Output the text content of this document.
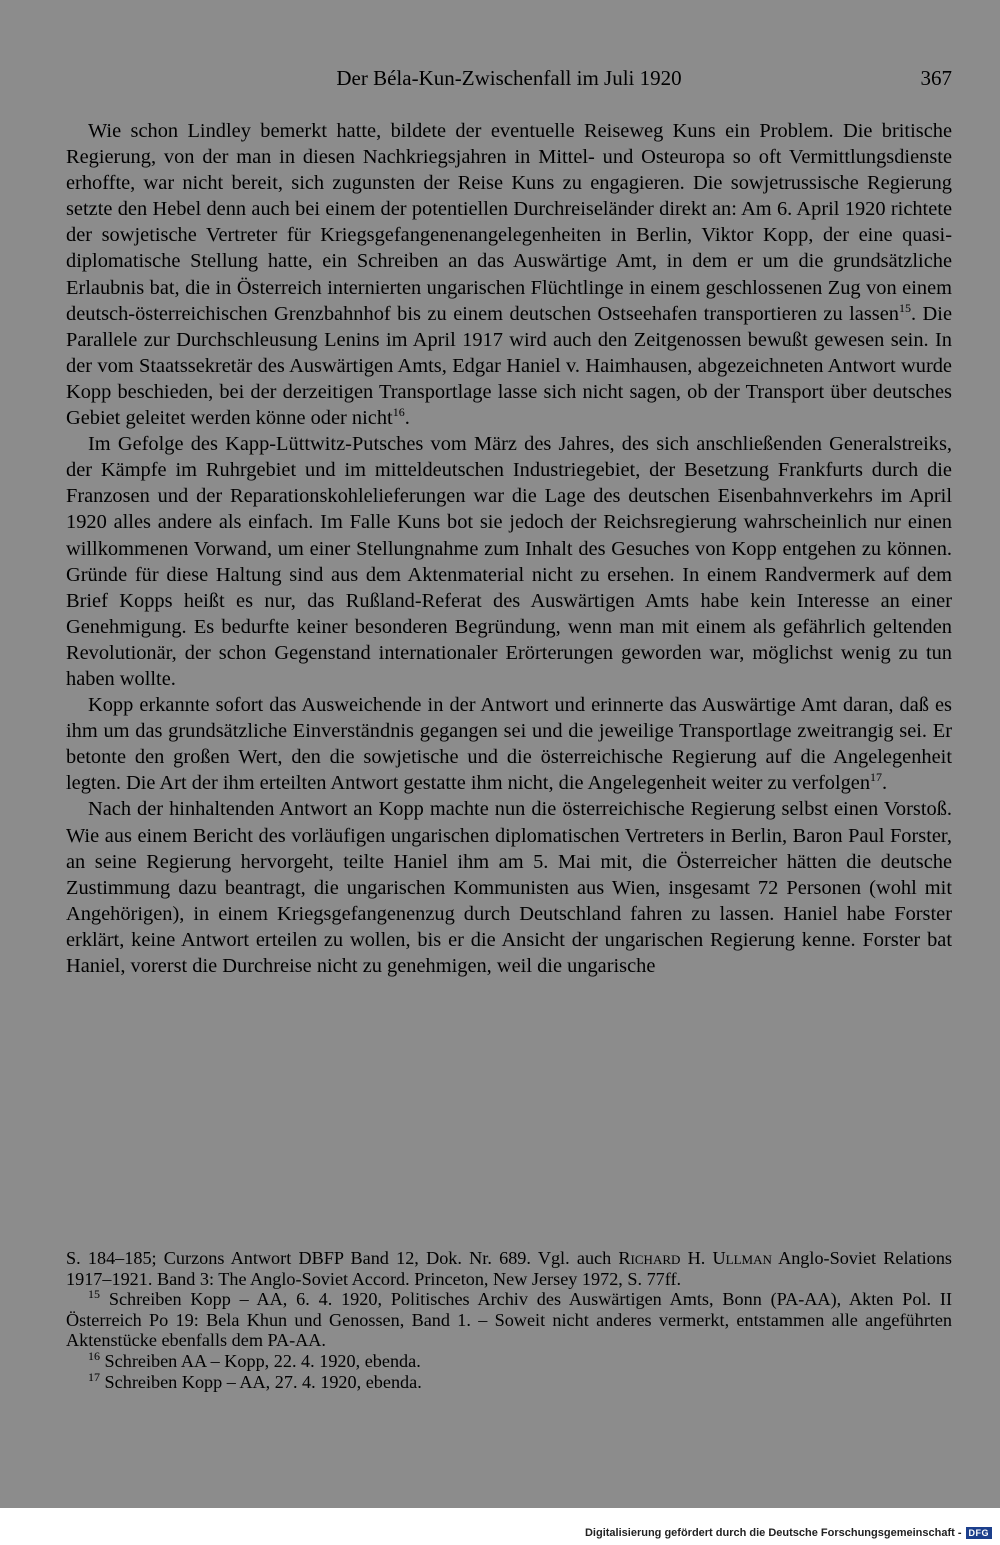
Der Béla-Kun-Zwischenfall im Juli 1920	367

Wie schon Lindley bemerkt hatte, bildete der eventuelle Reiseweg Kuns ein Problem. Die britische Regierung, von der man in diesen Nachkriegsjahren in Mittel- und Osteuropa so oft Vermittlungsdienste erhoffte, war nicht bereit, sich zugunsten der Reise Kuns zu engagieren. Die sowjetrussische Regierung setzte den Hebel denn auch bei einem der potentiellen Durchreiseländer direkt an: Am 6. April 1920 richtete der sowjetische Vertreter für Kriegsgefangenenangelegenheiten in Berlin, Viktor Kopp, der eine quasi-diplomatische Stellung hatte, ein Schreiben an das Auswärtige Amt, in dem er um die grundsätzliche Erlaubnis bat, die in Österreich internierten ungarischen Flüchtlinge in einem geschlossenen Zug von einem deutsch-österreichischen Grenzbahnhof bis zu einem deutschen Ostseehafen transportieren zu lassen$^{15}$. Die Parallele zur Durchschleusung Lenins im April 1917 wird auch den Zeitgenossen bewußt gewesen sein. In der vom Staatssekretär des Auswärtigen Amts, Edgar Haniel v. Haimhausen, abgezeichneten Antwort wurde Kopp beschieden, bei der derzeitigen Transportlage lasse sich nicht sagen, ob der Transport über deutsches Gebiet geleitet werden könne oder nicht$^{16}$.

Im Gefolge des Kapp-Lüttwitz-Putsches vom März des Jahres, des sich anschließenden Generalstreiks, der Kämpfe im Ruhrgebiet und im mitteldeutschen Industriegebiet, der Besetzung Frankfurts durch die Franzosen und der Reparationskohlelieferungen war die Lage des deutschen Eisenbahnverkehrs im April 1920 alles andere als einfach. Im Falle Kuns bot sie jedoch der Reichsregierung wahrscheinlich nur einen willkommenen Vorwand, um einer Stellungnahme zum Inhalt des Gesuches von Kopp entgehen zu können. Gründe für diese Haltung sind aus dem Aktenmaterial nicht zu ersehen. In einem Randvermerk auf dem Brief Kopps heißt es nur, das Rußland-Referat des Auswärtigen Amts habe kein Interesse an einer Genehmigung. Es bedurfte keiner besonderen Begründung, wenn man mit einem als gefährlich geltenden Revolutionär, der schon Gegenstand internationaler Erörterungen geworden war, möglichst wenig zu tun haben wollte.

Kopp erkannte sofort das Ausweichende in der Antwort und erinnerte das Auswärtige Amt daran, daß es ihm um das grundsätzliche Einverständnis gegangen sei und die jeweilige Transportlage zweitrangig sei. Er betonte den großen Wert, den die sowjetische und die österreichische Regierung auf die Angelegenheit legten. Die Art der ihm erteilten Antwort gestatte ihm nicht, die Angelegenheit weiter zu verfolgen$^{17}$.

Nach der hinhaltenden Antwort an Kopp machte nun die österreichische Regierung selbst einen Vorstoß. Wie aus einem Bericht des vorläufigen ungarischen diplomatischen Vertreters in Berlin, Baron Paul Forster, an seine Regierung hervorgeht, teilte Haniel ihm am 5. Mai mit, die Österreicher hätten die deutsche Zustimmung dazu beantragt, die ungarischen Kommunisten aus Wien, insgesamt 72 Personen (wohl mit Angehörigen), in einem Kriegsgefangenenzug durch Deutschland fahren zu lassen. Haniel habe Forster erklärt, keine Antwort erteilen zu wollen, bis er die Ansicht der ungarischen Regierung kenne. Forster bat Haniel, vorerst die Durchreise nicht zu genehmigen, weil die ungarische

S. 184–185; Curzons Antwort DBFP Band 12, Dok. Nr. 689. Vgl. auch Richard H. Ullman Anglo-Soviet Relations 1917–1921. Band 3: The Anglo-Soviet Accord. Princeton, New Jersey 1972, S. 77ff.

$^{15}$ Schreiben Kopp – AA, 6. 4. 1920, Politisches Archiv des Auswärtigen Amts, Bonn (PA-AA), Akten Pol. II Österreich Po 19: Bela Khun und Genossen, Band 1. – Soweit nicht anderes vermerkt, entstammen alle angeführten Aktenstücke ebenfalls dem PA-AA.

$^{16}$ Schreiben AA – Kopp, 22. 4. 1920, ebenda.

$^{17}$ Schreiben Kopp – AA, 27. 4. 1920, ebenda.

Digitalisierung gefördert durch die Deutsche Forschungsgemeinschaft - DFG
